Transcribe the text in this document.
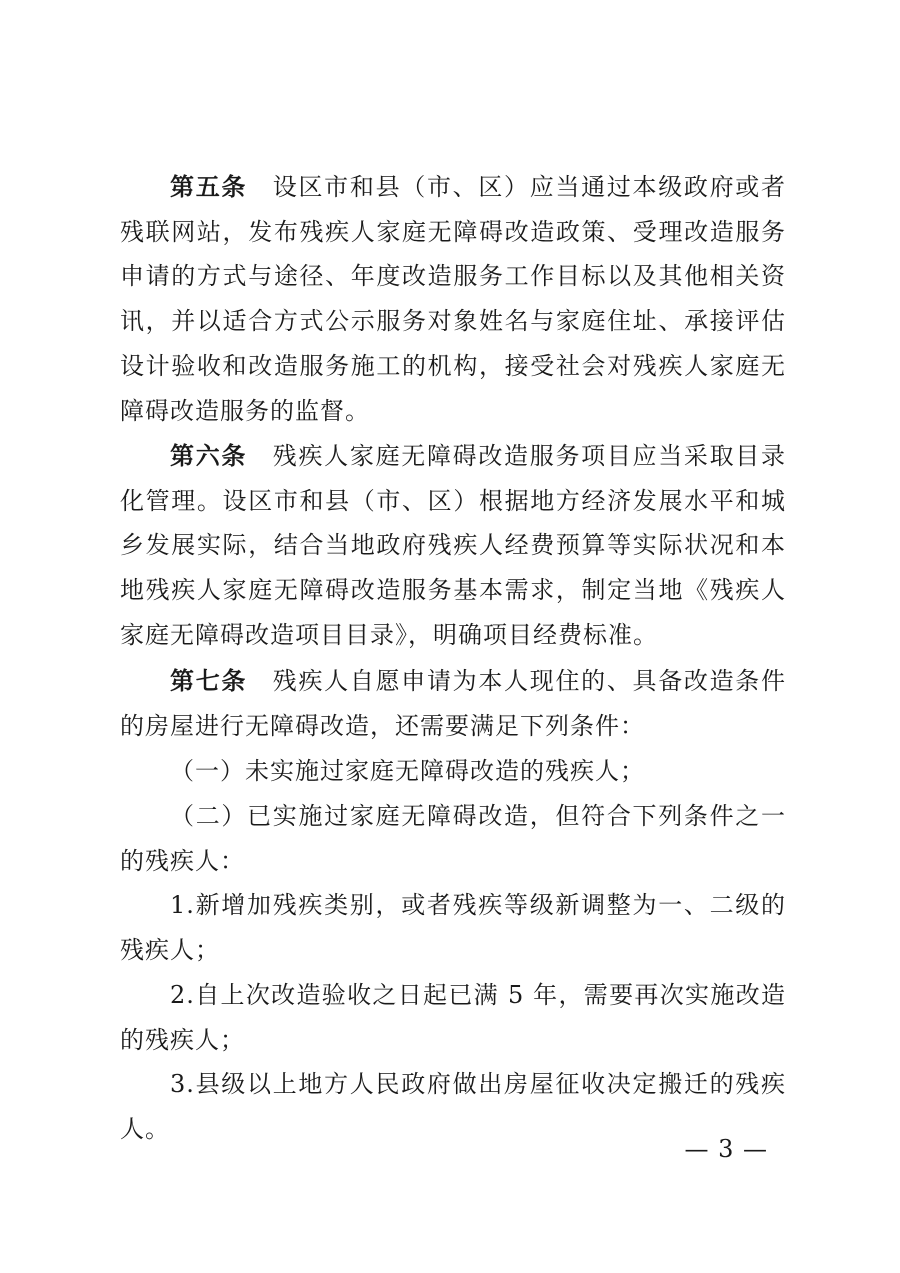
第五条　设区市和县（市、区）应当通过本级政府或者残联网站，发布残疾人家庭无障碍改造政策、受理改造服务申请的方式与途径、年度改造服务工作目标以及其他相关资讯，并以适合方式公示服务对象姓名与家庭住址、承接评估设计验收和改造服务施工的机构，接受社会对残疾人家庭无障碍改造服务的监督。

第六条　残疾人家庭无障碍改造服务项目应当采取目录化管理。设区市和县（市、区）根据地方经济发展水平和城乡发展实际，结合当地政府残疾人经费预算等实际状况和本地残疾人家庭无障碍改造服务基本需求，制定当地《残疾人家庭无障碍改造项目目录》，明确项目经费标准。

第七条　残疾人自愿申请为本人现住的、具备改造条件的房屋进行无障碍改造，还需要满足下列条件：

（一）未实施过家庭无障碍改造的残疾人；

（二）已实施过家庭无障碍改造，但符合下列条件之一的残疾人：

1.新增加残疾类别，或者残疾等级新调整为一、二级的残疾人；

2.自上次改造验收之日起已满 5 年，需要再次实施改造的残疾人；

3.县级以上地方人民政府做出房屋征收决定搬迁的残疾人。

— 3 —
